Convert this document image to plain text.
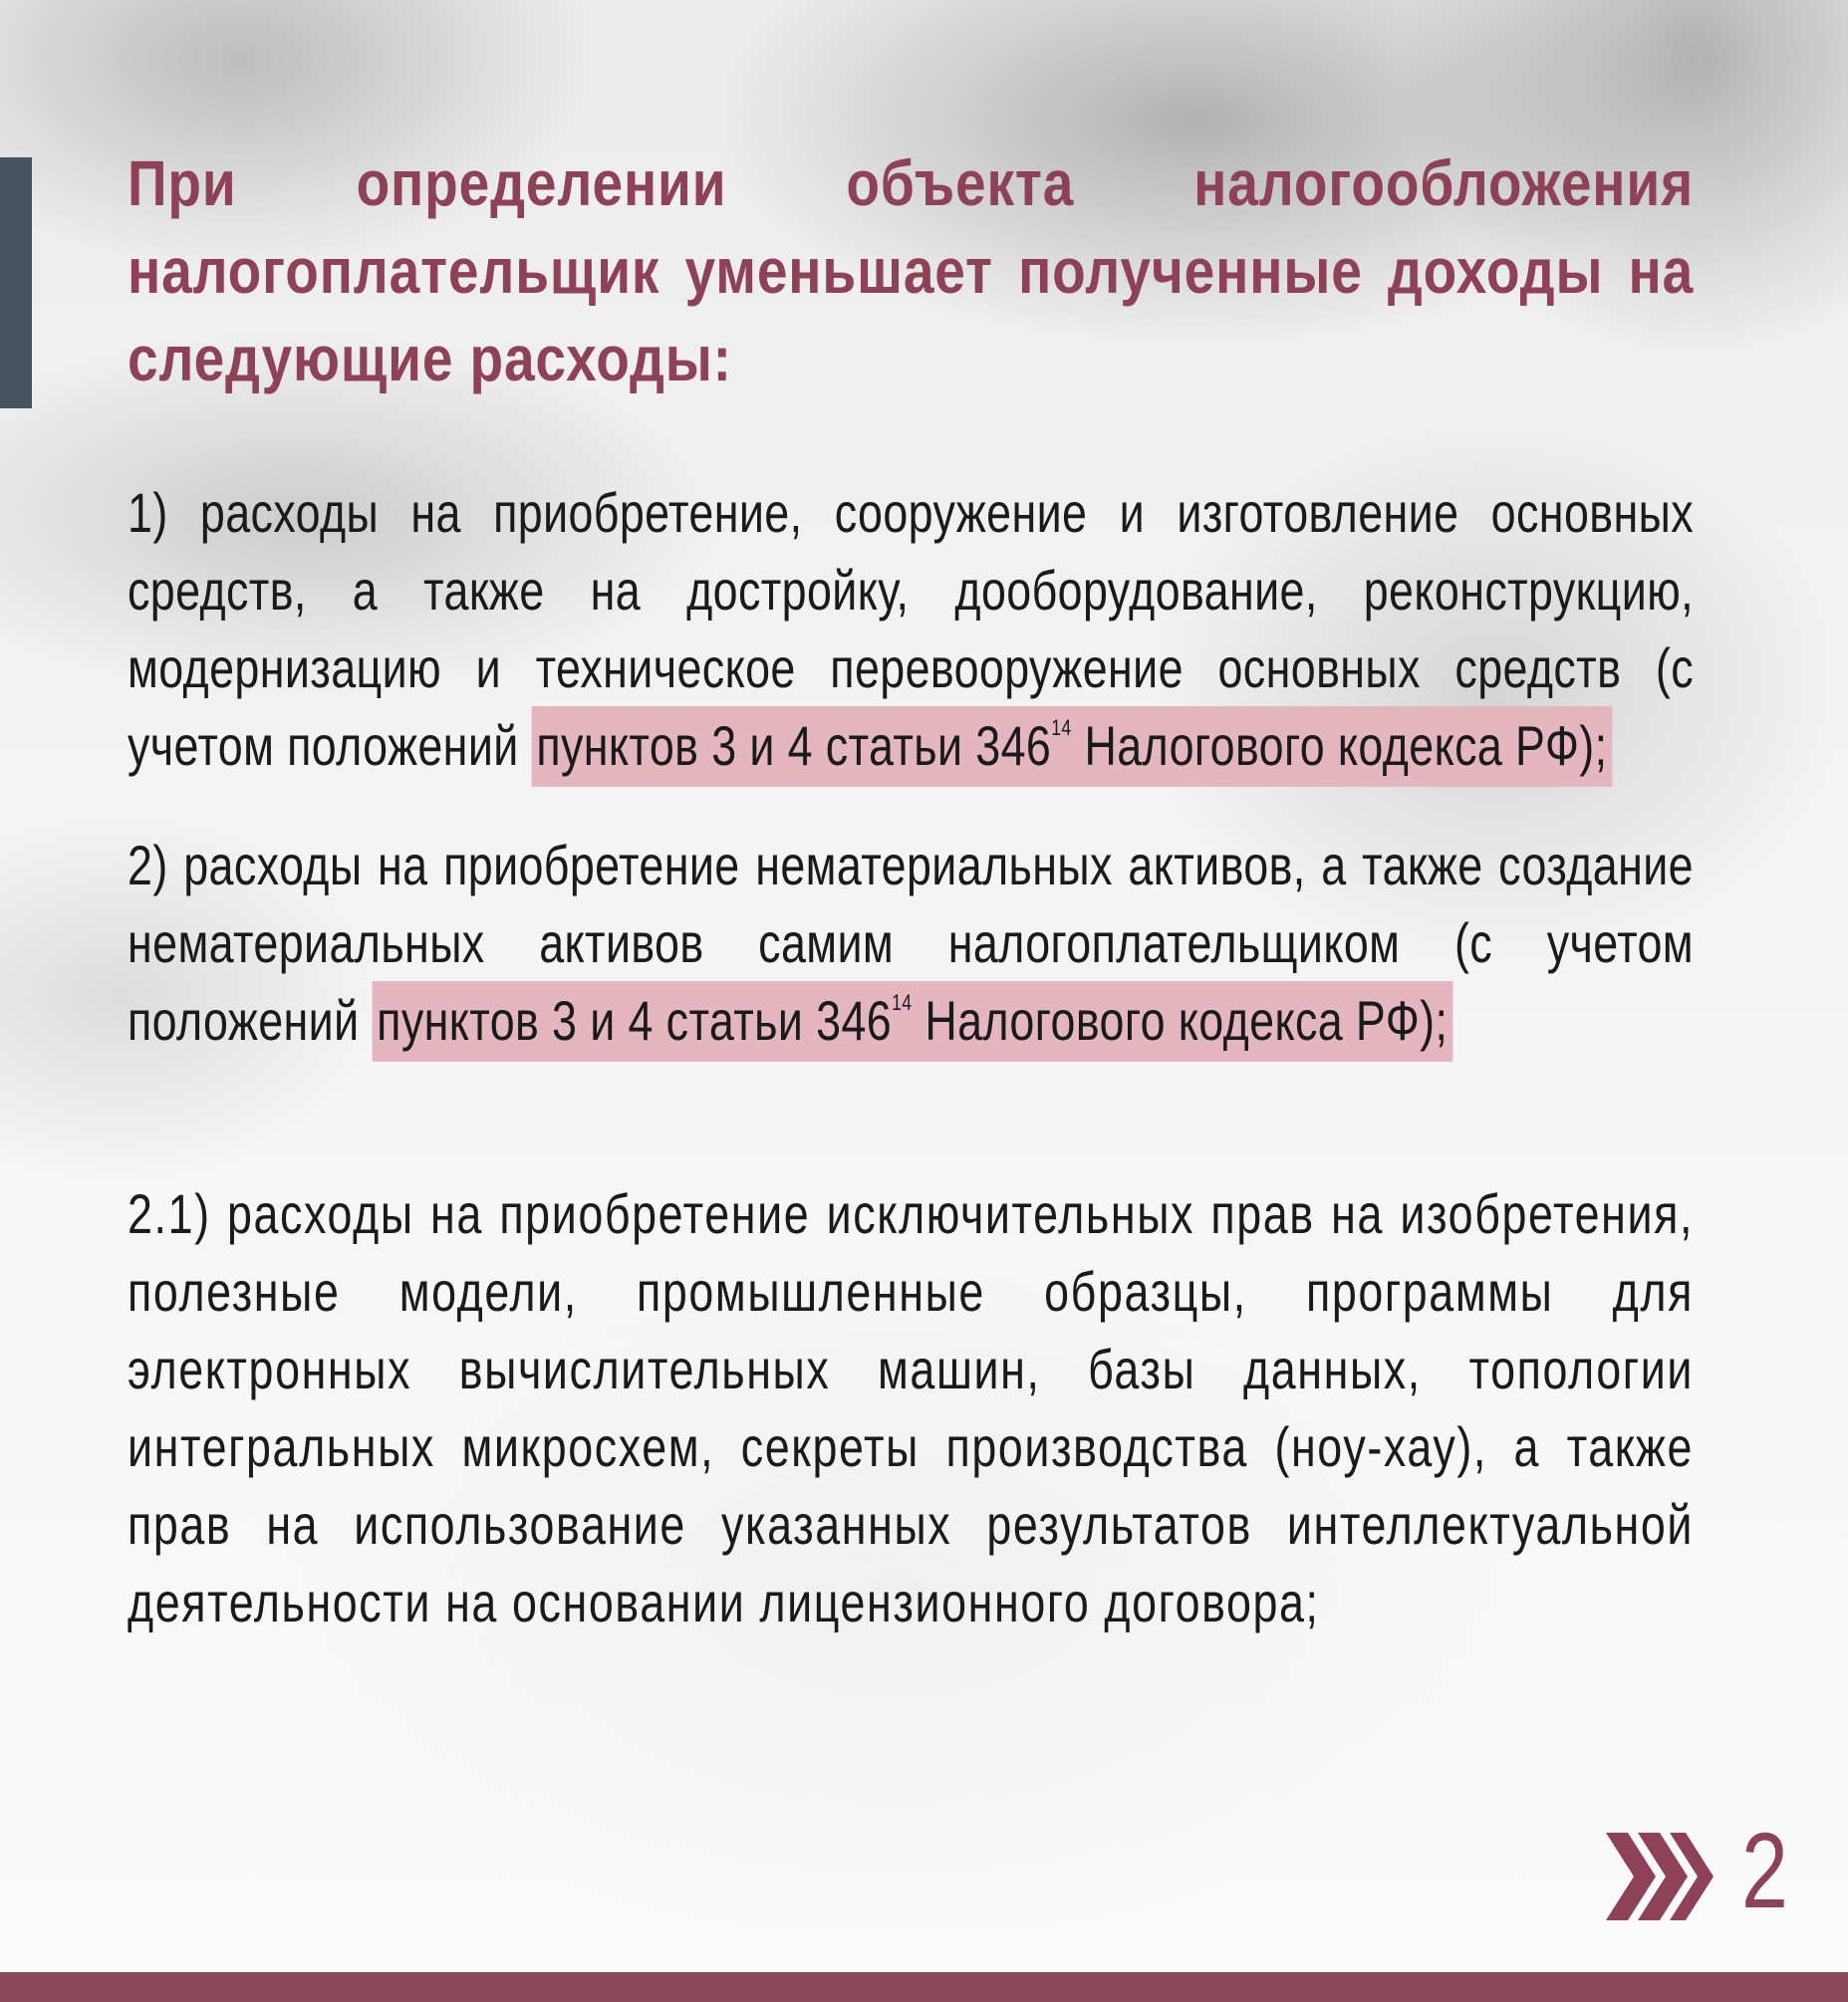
При определении объекта налогообложения налогоплательщик уменьшает полученные доходы на следующие расходы:

1) расходы на приобретение, сооружение и изготовление основных средств, а также на достройку, дооборудование, реконструкцию, модернизацию и техническое перевооружение основных средств (с учетом положений пунктов 3 и 4 статьи $346^{14}$ Налогового кодекса РФ);

2) расходы на приобретение нематериальных активов, а также создание нематериальных активов самим налогоплательщиком (с учетом положений пунктов 3 и 4 статьи $346^{14}$ Налогового кодекса РФ);

2.1) расходы на приобретение исключительных прав на изобретения, полезные модели, промышленные образцы, программы для электронных вычислительных машин, базы данных, топологии интегральных микросхем, секреты производства (ноу-хау), а также прав на использование указанных результатов интеллектуальной деятельности на основании лицензионного договора;

2
